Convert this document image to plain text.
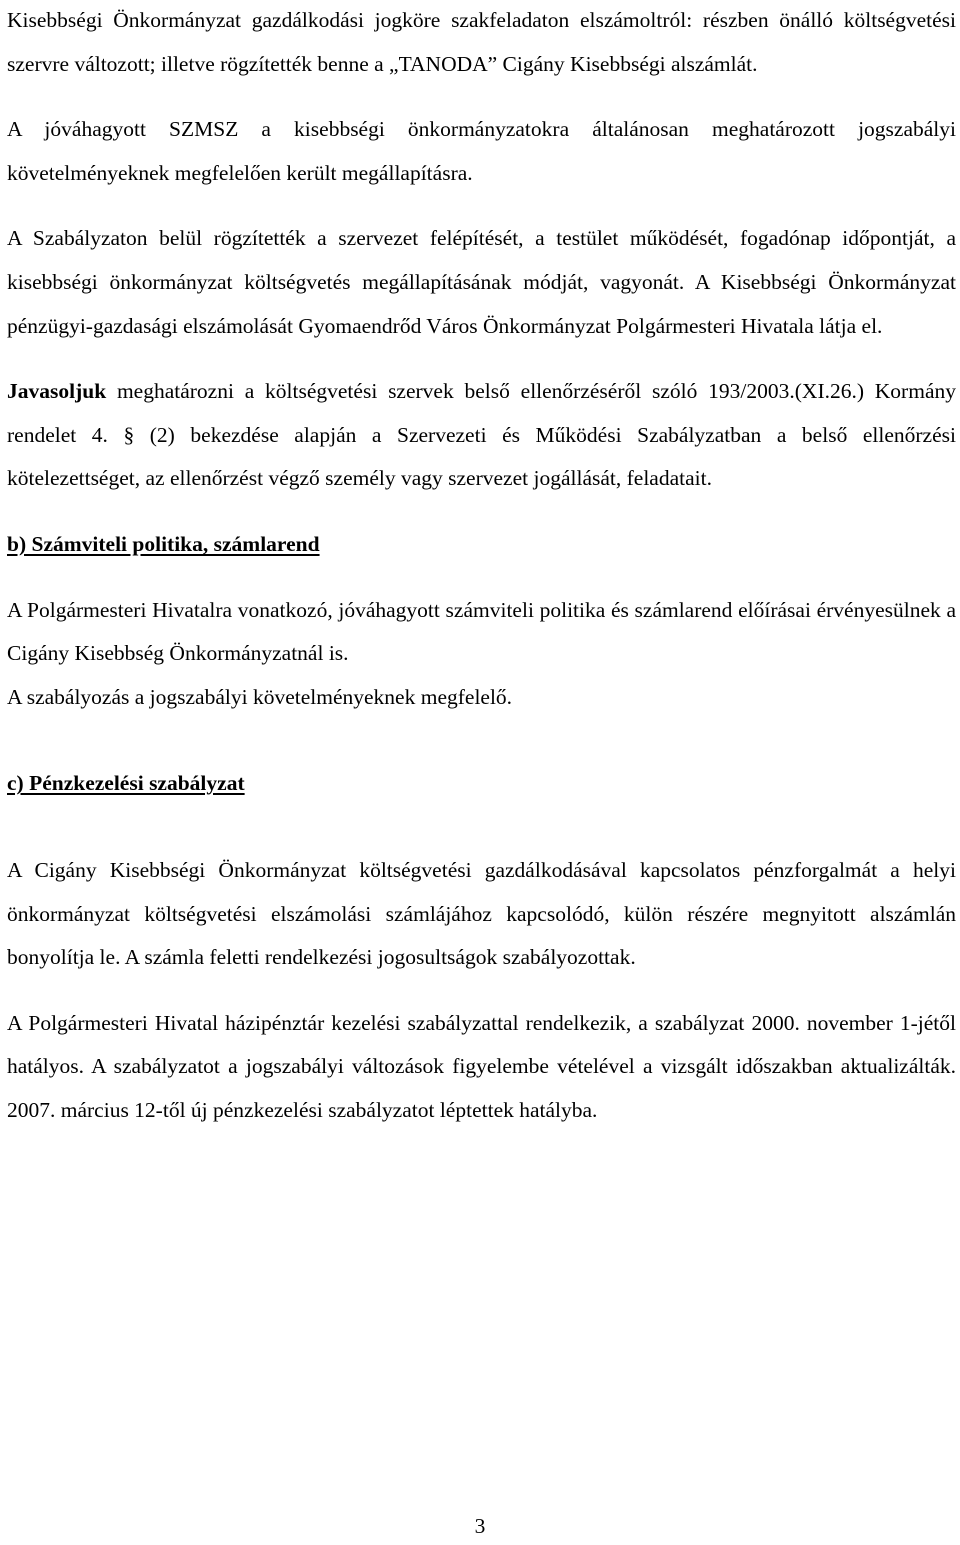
Kisebbségi Önkormányzat gazdálkodási jogköre szakfeladaton elszámoltról: részben önálló költségvetési szervre változott; illetve rögzítették benne a „TANODA” Cigány Kisebbségi alszámlát.

A jóváhagyott SZMSZ a kisebbségi önkormányzatokra általánosan meghatározott jogszabályi követelményeknek megfelelően került megállapításra.

A Szabályzaton belül rögzítették a szervezet felépítését, a testület működését, fogadónap időpontját, a kisebbségi önkormányzat költségvetés megállapításának módját, vagyonát. A Kisebbségi Önkormányzat pénzügyi-gazdasági elszámolását Gyomaendrőd Város Önkormányzat Polgármesteri Hivatala látja el.

Javasoljuk meghatározni a költségvetési szervek belső ellenőrzéséről szóló 193/2003.(XI.26.) Kormány rendelet 4. § (2) bekezdése alapján a Szervezeti és Működési Szabályzatban a belső ellenőrzési kötelezettséget, az ellenőrzést végző személy vagy szervezet jogállását, feladatait.

b) Számviteli politika, számlarend

A Polgármesteri Hivatalra vonatkozó, jóváhagyott számviteli politika és számlarend előírásai érvényesülnek a Cigány Kisebbség Önkormányzatnál is.

A szabályozás a jogszabályi követelményeknek megfelelő.

c) Pénzkezelési szabályzat

A Cigány Kisebbségi Önkormányzat költségvetési gazdálkodásával kapcsolatos pénzforgalmát a helyi önkormányzat költségvetési elszámolási számlájához kapcsolódó, külön részére megnyitott alszámlán bonyolítja le. A számla feletti rendelkezési jogosultságok szabályozottak.

A Polgármesteri Hivatal házipénztár kezelési szabályzattal rendelkezik, a szabályzat 2000. november 1-jétől hatályos. A szabályzatot a jogszabályi változások figyelembe vételével a vizsgált időszakban aktualizálták. 2007. március 12-től új pénzkezelési szabályzatot léptettek hatályba.

3
